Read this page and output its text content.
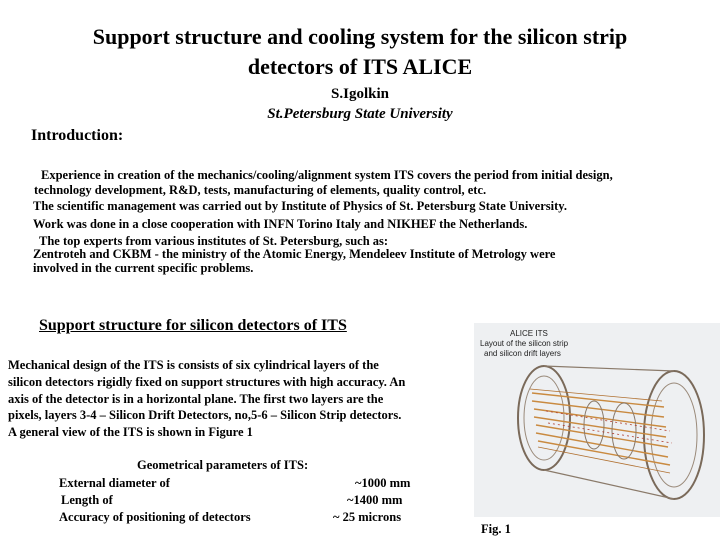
Support structure and cooling system for the silicon strip
detectors of ITS ALICE
S.Igolkin
St.Petersburg State University
Introduction:
Experience in creation of the mechanics/cooling/alignment system ITS covers the period from initial design,
technology development, R&D, tests, manufacturing of elements, quality control, etc.
The scientific management was carried out by Institute of Physics of St. Petersburg State University.
Work was done in a close cooperation with INFN Torino Italy and NIKHEF the Netherlands.
The top experts from various institutes of St. Petersburg, such as:
Zentroteh and CKBM - the ministry of the Atomic Energy, Mendeleev Institute of Metrology were
involved in the current specific problems.
Support structure for silicon detectors of ITS
Mechanical design of the ITS is consists of six cylindrical layers of the
silicon detectors rigidly fixed on support structures with high accuracy. An
axis of the detector is in a horizontal plane. The first two layers are the
pixels, layers 3-4 – Silicon Drift Detectors, no,5-6 – Silicon Strip detectors.
A general view of the ITS is shown in Figure 1
Geometrical parameters of ITS:
External diameter of	~1000 mm
Length of	~1400 mm
Accuracy of positioning of detectors	~ 25 microns
ALICE ITS
Layout of the silicon strip
and silicon drift layers
Fig. 1
